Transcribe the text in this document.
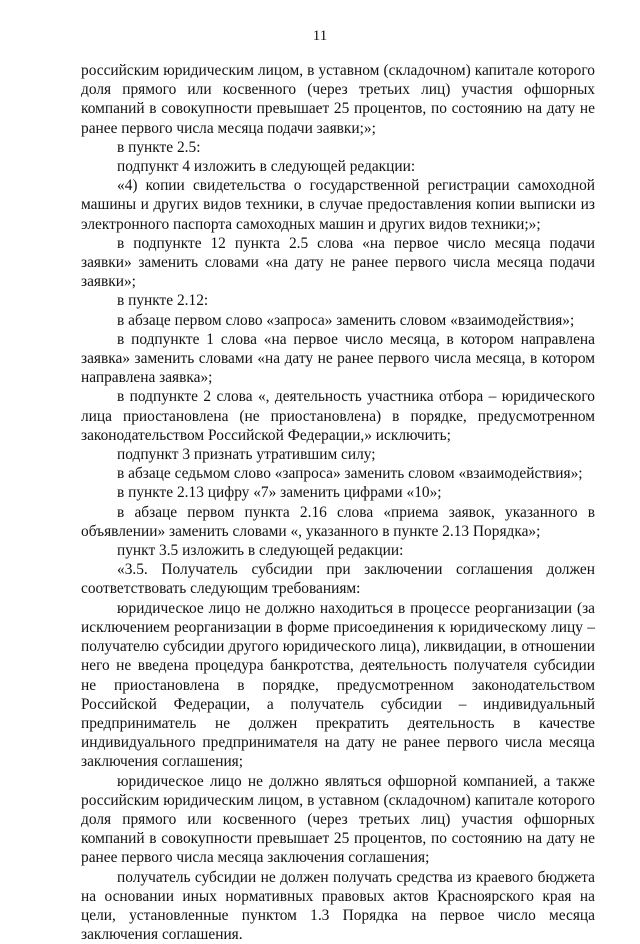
11

российским юридическим лицом, в уставном (складочном) капитале которого доля прямого или косвенного (через третьих лиц) участия офшорных компаний в совокупности превышает 25 процентов, по состоянию на дату не ранее первого числа месяца подачи заявки;»;

в пункте 2.5:

подпункт 4 изложить в следующей редакции:

«4) копии свидетельства о государственной регистрации самоходной машины и других видов техники, в случае предоставления копии выписки из электронного паспорта самоходных машин и других видов техники;»;

в подпункте 12 пункта 2.5 слова «на первое число месяца подачи заявки» заменить словами «на дату не ранее первого числа месяца подачи заявки»;

в пункте 2.12:

в абзаце первом слово «запроса» заменить словом «взаимодействия»;

в подпункте 1 слова «на первое число месяца, в котором направлена заявка» заменить словами «на дату не ранее первого числа месяца, в котором направлена заявка»;

в подпункте 2 слова «, деятельность участника отбора – юридического лица приостановлена (не приостановлена) в порядке, предусмотренном законодательством Российской Федерации,» исключить;

подпункт 3 признать утратившим силу;

в абзаце седьмом слово «запроса» заменить словом «взаимодействия»;

в пункте 2.13 цифру «7» заменить цифрами «10»;

в абзаце первом пункта 2.16 слова «приема заявок, указанного в объявлении» заменить словами «, указанного в пункте 2.13 Порядка»;

пункт 3.5 изложить в следующей редакции:

«3.5. Получатель субсидии при заключении соглашения должен соответствовать следующим требованиям:

юридическое лицо не должно находиться в процессе реорганизации (за исключением реорганизации в форме присоединения к юридическому лицу – получателю субсидии другого юридического лица), ликвидации, в отношении него не введена процедура банкротства, деятельность получателя субсидии не приостановлена в порядке, предусмотренном законодательством Российской Федерации, а получатель субсидии – индивидуальный предприниматель не должен прекратить деятельность в качестве индивидуального предпринимателя на дату не ранее первого числа месяца заключения соглашения;

юридическое лицо не должно являться офшорной компанией, а также российским юридическим лицом, в уставном (складочном) капитале которого доля прямого или косвенного (через третьих лиц) участия офшорных компаний в совокупности превышает 25 процентов, по состоянию на дату не ранее первого числа месяца заключения соглашения;

получатель субсидии не должен получать средства из краевого бюджета на основании иных нормативных правовых актов Красноярского края на цели, установленные пунктом 1.3 Порядка на первое число месяца заключения соглашения.
